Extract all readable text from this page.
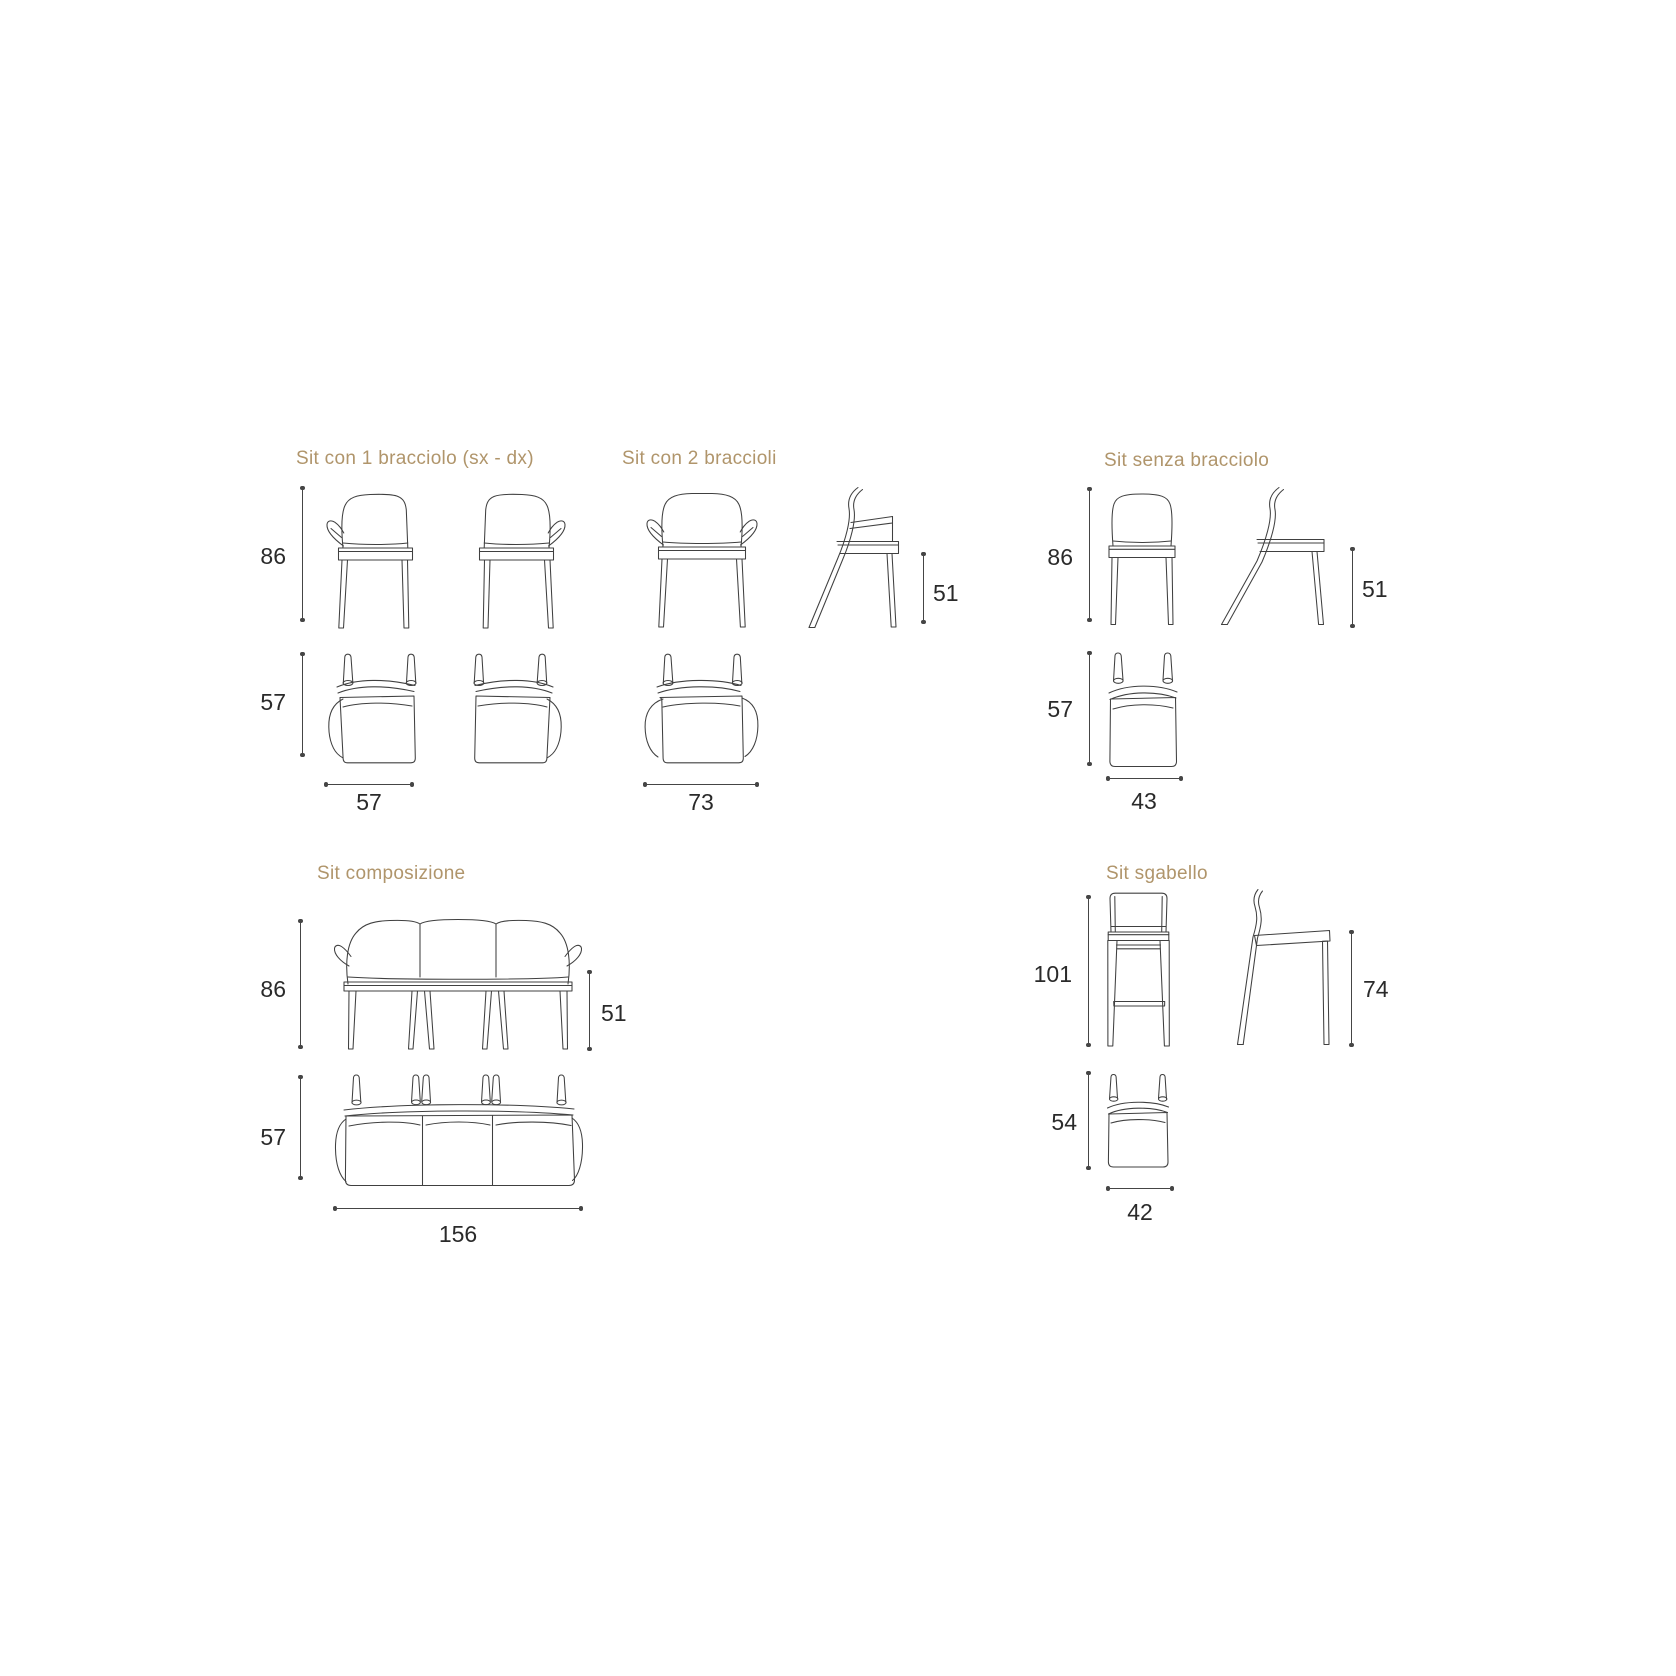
Sit con 1 bracciolo (sx - dx)
86
57
57
Sit con 2 braccioli
51
73
Sit senza bracciolo
86
51
57
43
Sit composizione
86
51
57
156
Sit sgabello
101
74
54
42
